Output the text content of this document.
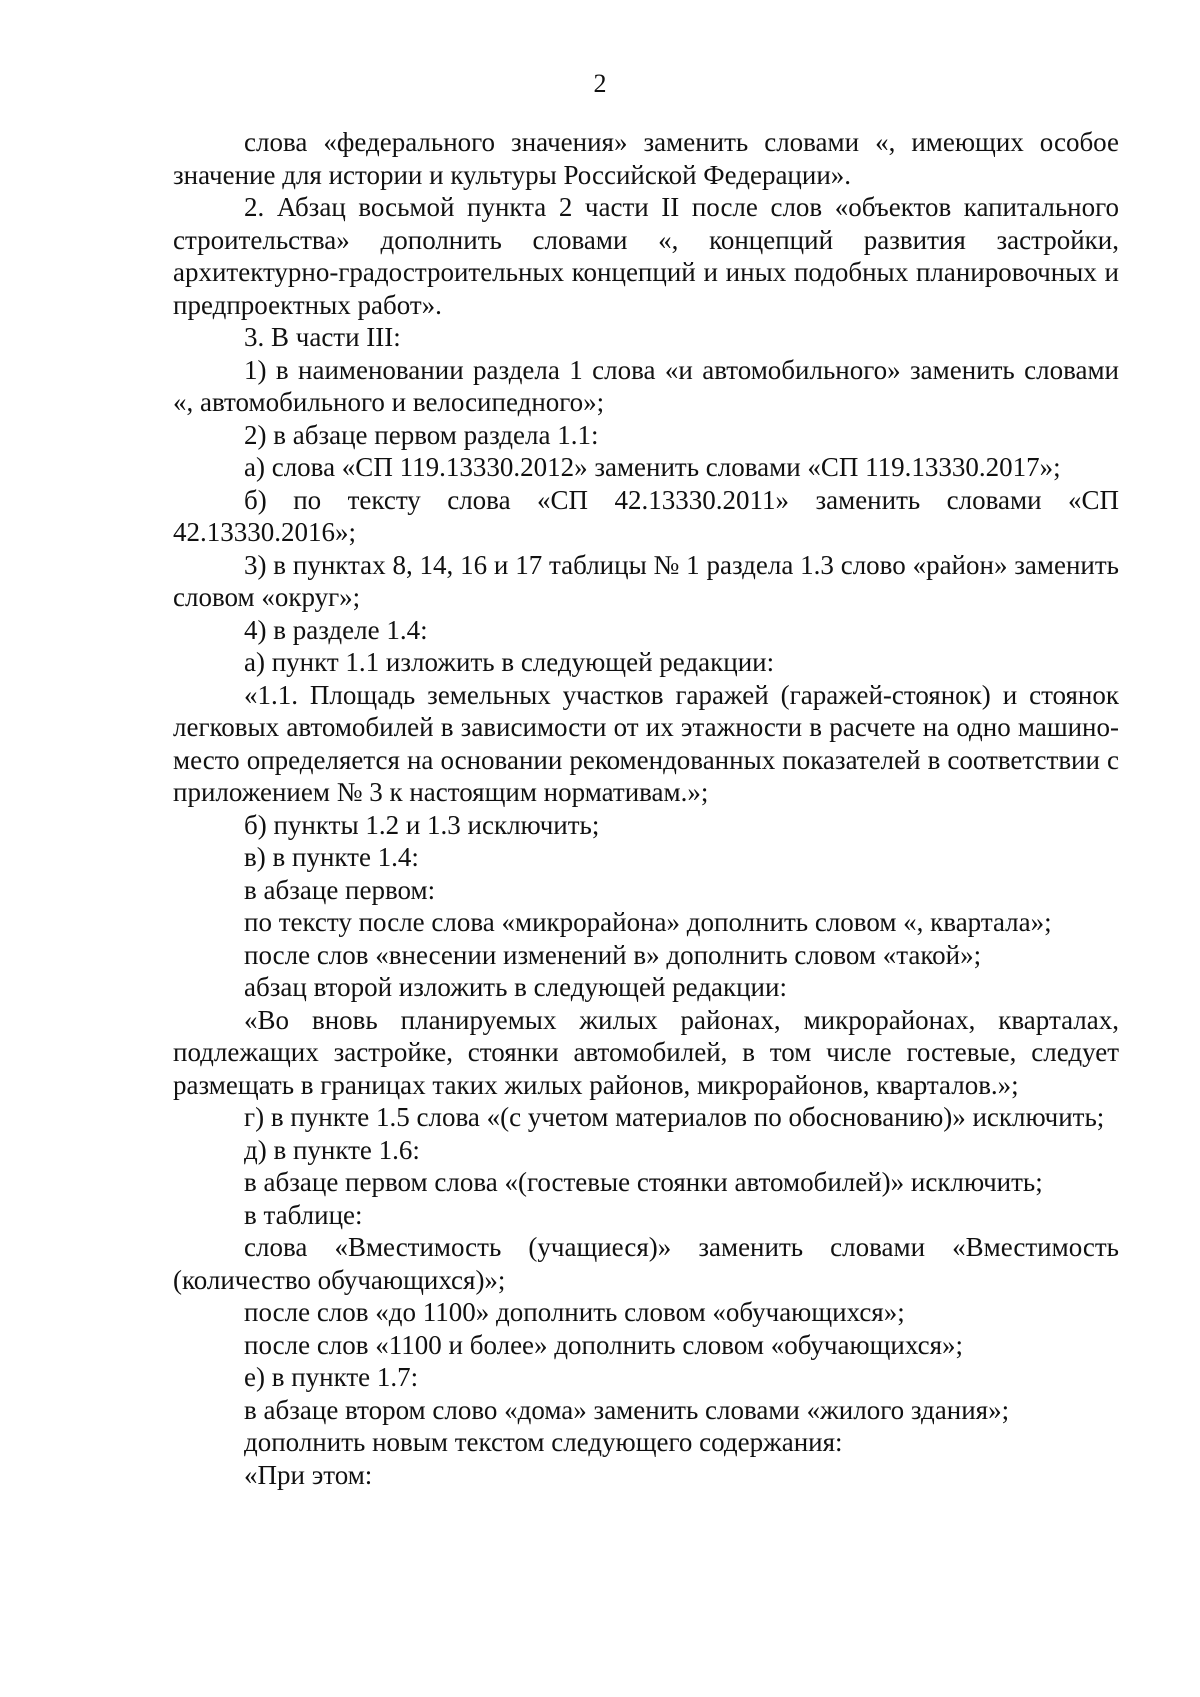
2

слова «федерального значения» заменить словами «, имеющих особое значение для истории и культуры Российской Федерации».

2. Абзац восьмой пункта 2 части II после слов «объектов капитального строительства» дополнить словами «, концепций развития застройки, архитектурно-градостроительных концепций и иных подобных планировочных и предпроектных работ».

3. В части III:

1) в наименовании раздела 1 слова «и автомобильного» заменить словами «, автомобильного и велосипедного»;

2) в абзаце первом раздела 1.1:

а) слова «СП 119.13330.2012» заменить словами «СП 119.13330.2017»;

б) по тексту слова «СП 42.13330.2011» заменить словами «СП 42.13330.2016»;

3) в пунктах 8, 14, 16 и 17 таблицы № 1 раздела 1.3 слово «район» заменить словом «округ»;

4) в разделе 1.4:

а) пункт 1.1 изложить в следующей редакции:

«1.1. Площадь земельных участков гаражей (гаражей-стоянок) и стоянок легковых автомобилей в зависимости от их этажности в расчете на одно машино-место определяется на основании рекомендованных показателей в соответствии с приложением № 3 к настоящим нормативам.»;

б) пункты 1.2 и 1.3 исключить;

в) в пункте 1.4:

в абзаце первом:

по тексту после слова «микрорайона» дополнить словом «, квартала»;

после слов «внесении изменений в» дополнить словом «такой»;

абзац второй изложить в следующей редакции:

«Во вновь планируемых жилых районах, микрорайонах, кварталах, подлежащих застройке, стоянки автомобилей, в том числе гостевые, следует размещать в границах таких жилых районов, микрорайонов, кварталов.»;

г) в пункте 1.5 слова «(с учетом материалов по обоснованию)» исключить;

д) в пункте 1.6:

в абзаце первом слова «(гостевые стоянки автомобилей)» исключить;

в таблице:

слова «Вместимость (учащиеся)» заменить словами «Вместимость (количество обучающихся)»;

после слов «до 1100» дополнить словом «обучающихся»;

после слов «1100 и более» дополнить словом «обучающихся»;

е) в пункте 1.7:

в абзаце втором слово «дома» заменить словами «жилого здания»;

дополнить новым текстом следующего содержания:

«При этом:
